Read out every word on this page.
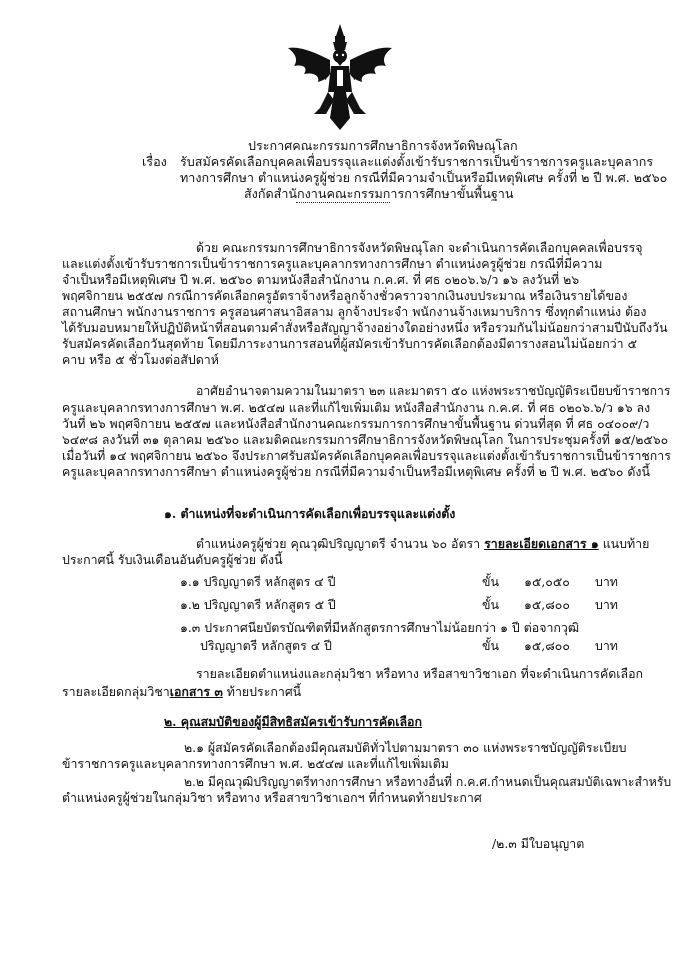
ประกาศคณะกรรมการศึกษาธิการจังหวัดพิษณุโลก
เรื่อง รับสมัครคัดเลือกบุคคลเพื่อบรรจุและแต่งตั้งเข้ารับราชการเป็นข้าราชการครูและบุคลากร
ทางการศึกษา ตำแหน่งครูผู้ช่วย กรณีที่มีความจำเป็นหรือมีเหตุพิเศษ ครั้งที่ ๒ ปี พ.ศ. ๒๕๖๐
สังกัดสำนักงานคณะกรรมการการศึกษาขั้นพื้นฐาน
ด้วย คณะกรรมการศึกษาธิการจังหวัดพิษณุโลก จะดำเนินการคัดเลือกบุคคลเพื่อบรรจุ
และแต่งตั้งเข้ารับราชการเป็นข้าราชการครูและบุคลากรทางการศึกษา ตำแหน่งครูผู้ช่วย กรณีที่มีความ
จำเป็นหรือมีเหตุพิเศษ ปี พ.ศ. ๒๕๖๐ ตามหนังสือสำนักงาน ก.ค.ศ. ที่ ศธ ๐๒๐๖.๖/ว ๑๖ ลงวันที่ ๒๖
พฤศจิกายน ๒๕๕๗ กรณีการคัดเลือกครูอัตราจ้างหรือลูกจ้างชั่วคราวจากเงินงบประมาณ หรือเงินรายได้ของ
สถานศึกษา พนักงานราชการ ครูสอนศาสนาอิสลาม ลูกจ้างประจำ พนักงานจ้างเหมาบริการ ซึ่งทุกตำแหน่ง ต้อง
ได้รับมอบหมายให้ปฏิบัติหน้าที่สอนตามคำสั่งหรือสัญญาจ้างอย่างใดอย่างหนึ่ง หรือรวมกันไม่น้อยกว่าสามปีนับถึงวัน
รับสมัครคัดเลือกวันสุดท้าย โดยมีภาระงานการสอนที่ผู้สมัครเข้ารับการคัดเลือกต้องมีตารางสอนไม่น้อยกว่า ๕
คาบ หรือ ๕ ชั่วโมงต่อสัปดาห์
อาศัยอำนาจตามความในมาตรา ๒๓ และมาตรา ๕๐ แห่งพระราชบัญญัติระเบียบข้าราชการ
ครูและบุคลากรทางการศึกษา พ.ศ. ๒๕๔๗ และที่แก้ไขเพิ่มเติม หนังสือสำนักงาน ก.ค.ศ. ที่ ศธ ๐๒๐๖.๖/ว ๑๖ ลง
วันที่ ๒๖ พฤศจิกายน ๒๕๕๗ และหนังสือสำนักงานคณะกรรมการการศึกษาขั้นพื้นฐาน ด่วนที่สุด ที่ ศธ ๐๔๐๐๙/ว
๖๔๙๘ ลงวันที่ ๓๑ ตุลาคม ๒๕๖๐ และมติคณะกรรมการศึกษาธิการจังหวัดพิษณุโลก ในการประชุมครั้งที่ ๑๕/๒๕๖๐
เมื่อวันที่ ๑๔ พฤศจิกายน ๒๕๖๐ จึงประกาศรับสมัครคัดเลือกบุคคลเพื่อบรรจุและแต่งตั้งเข้ารับราชการเป็นข้าราชการ
ครูและบุคลากรทางการศึกษา ตำแหน่งครูผู้ช่วย กรณีที่มีความจำเป็นหรือมีเหตุพิเศษ ครั้งที่ ๒ ปี พ.ศ. ๒๕๖๐ ดังนี้
๑. ตำแหน่งที่จะดำเนินการคัดเลือกเพื่อบรรจุและแต่งตั้ง
ตำแหน่งครูผู้ช่วย คุณวุฒิปริญญาตรี จำนวน ๖๐ อัตรา รายละเอียดเอกสาร ๑ แนบท้าย
ประกาศนี้ รับเงินเดือนอันดับครูผู้ช่วย ดังนี้
๑.๑ ปริญญาตรี หลักสูตร ๔ ปี	ขั้น ๑๕,๐๕๐ บาท
๑.๒ ปริญญาตรี หลักสูตร ๕ ปี	ขั้น ๑๕,๘๐๐ บาท
๑.๓ ประกาศนียบัตรบัณฑิตที่มีหลักสูตรการศึกษาไม่น้อยกว่า ๑ ปี ต่อจากวุฒิ
ปริญญาตรี หลักสูตร ๔ ปี	ขั้น ๑๕,๘๐๐ บาท
รายละเอียดตำแหน่งและกลุ่มวิชา หรือทาง หรือสาขาวิชาเอก ที่จะดำเนินการคัดเลือก
รายละเอียดกลุ่มวิชาเอกสาร ๓ ท้ายประกาศนี้
๒. คุณสมบัติของผู้มีสิทธิสมัครเข้ารับการคัดเลือก
๒.๑ ผู้สมัครคัดเลือกต้องมีคุณสมบัติทั่วไปตามมาตรา ๓๐ แห่งพระราชบัญญัติระเบียบ
ข้าราชการครูและบุคลากรทางการศึกษา พ.ศ. ๒๕๔๗ และที่แก้ไขเพิ่มเติม
๒.๒ มีคุณวุฒิปริญญาตรีทางการศึกษา หรือทางอื่นที่ ก.ค.ศ.กำหนดเป็นคุณสมบัติเฉพาะสำหรับ
ตำแหน่งครูผู้ช่วยในกลุ่มวิชา หรือทาง หรือสาขาวิชาเอกฯ ที่กำหนดท้ายประกาศ
/๒.๓ มีใบอนุญาต
